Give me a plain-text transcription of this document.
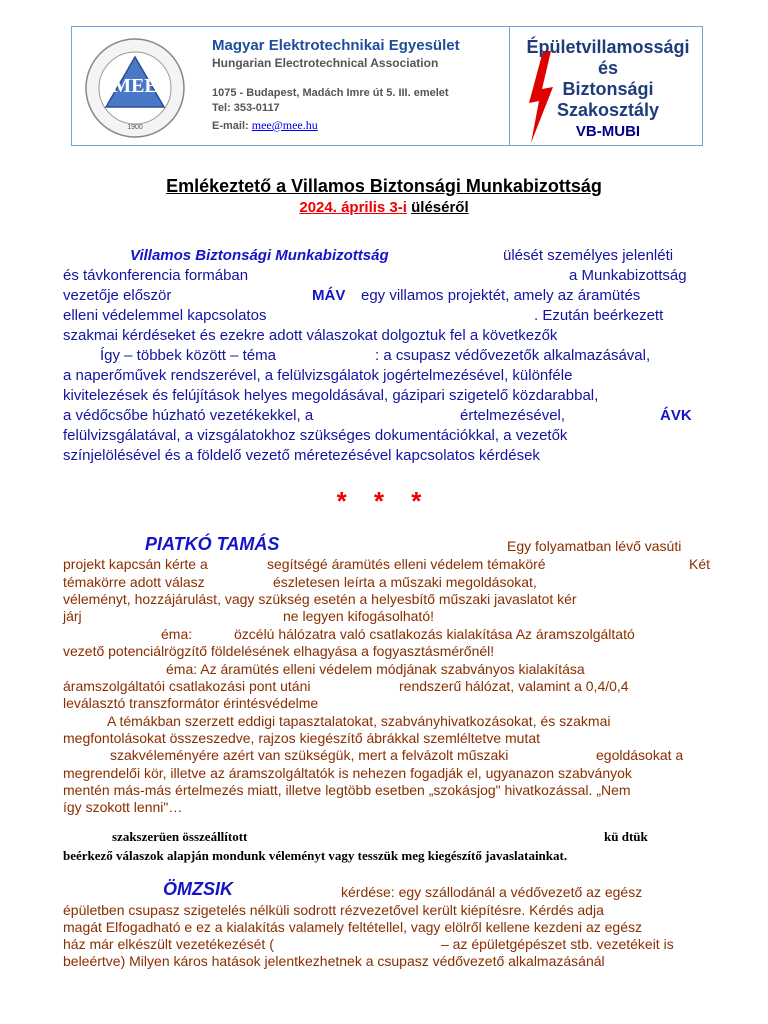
MEE
1900
Magyar Elektrotechnikai Egyesület
Hungarian Electrotechnical Association
1075 - Budapest, Madách Imre út 5. III. emelet
Tel: 353-0117
E-mail: mee@mee.hu
Épületvillamossági
és
Biztonsági
Szakosztály
VB-MUBI
Emlékeztető a Villamos Biztonsági Munkabizottság
2024. április 3-i üléséről
Villamos Biztonsági Munkabizottság	ülését személyes jelenléti
és távkonferencia formában	a Munkabizottság
vezetője először	MÁV egy villamos projektét, amely az áramütés
elleni védelemmel kapcsolatos	. Ezután beérkezett
szakmai kérdéseket és ezekre adott válaszokat dolgoztuk fel a következők
Így – többek között – téma	: a csupasz védővezetők alkalmazásával,
a naperőművek rendszerével, a felülvizsgálatok jogértelmezésével, különféle
kivitelezések és felújítások helyes megoldásával, gázipari szigetelő közdarabbal,
a védőcsőbe húzható vezetékekkel, a	értelmezésével,	ÁVK
felülvizsgálatával, a vizsgálatokhoz szükséges dokumentációkkal, a vezetők
színjelölésével és a földelő vezető méretezésével kapcsolatos kérdések
* * *
PIATKÓ TAMÁS	Egy folyamatban lévő vasúti
projekt kapcsán kérte a	segítségé áramütés elleni védelem témaköré	Két
témakörre adott válasz	észletesen leírta a műszaki megoldásokat,
véleményt, hozzájárulást, vagy szükség esetén a helyesbítő műszaki javaslatot kér
járj	ne legyen kifogásolható!
éma:	özcélú hálózatra való csatlakozás kialakítása Az áramszolgáltató
vezető potenciálrögzítő földelésének elhagyása a fogyasztásmérőnél!
éma: Az áramütés elleni védelem módjának szabványos kialakítása
áramszolgáltatói csatlakozási pont utáni	rendszerű hálózat, valamint a 0,4/0,4
leválasztó transzformátor érintésvédelme
A témákban szerzett eddigi tapasztalatokat, szabványhivatkozásokat, és szakmai
megfontolásokat összeszedve, rajzos kiegészítő ábrákkal szemléltetve mutat
szakvéleményére azért van szükségük, mert a felvázolt műszaki	egoldásokat a
megrendelői kör, illetve az áramszolgáltatók is nehezen fogadják el, ugyanazon szabványok
mentén más-más értelmezés miatt, illetve legtöbb esetben „szokásjog" hivatkozással. „Nem
így szokott lenni"…
szakszerüen összeállított	kü dtük
beérkező válaszok alapján mondunk véleményt vagy tesszük meg kiegészítő javaslatainkat.
ÖMZSIK	kérdése: egy szállodánál a védővezető az egész
épületben csupasz szigetelés nélküli sodrott rézvezetővel került kiépítésre. Kérdés adja
magát Elfogadható e ez a kialakítás valamely feltétellel, vagy elölről kellene kezdeni az egész
ház már elkészült vezetékezését (	– az épületgépészet stb. vezetékeit is
beleértve) Milyen káros hatások jelentkezhetnek a csupasz védővezető alkalmazásánál
